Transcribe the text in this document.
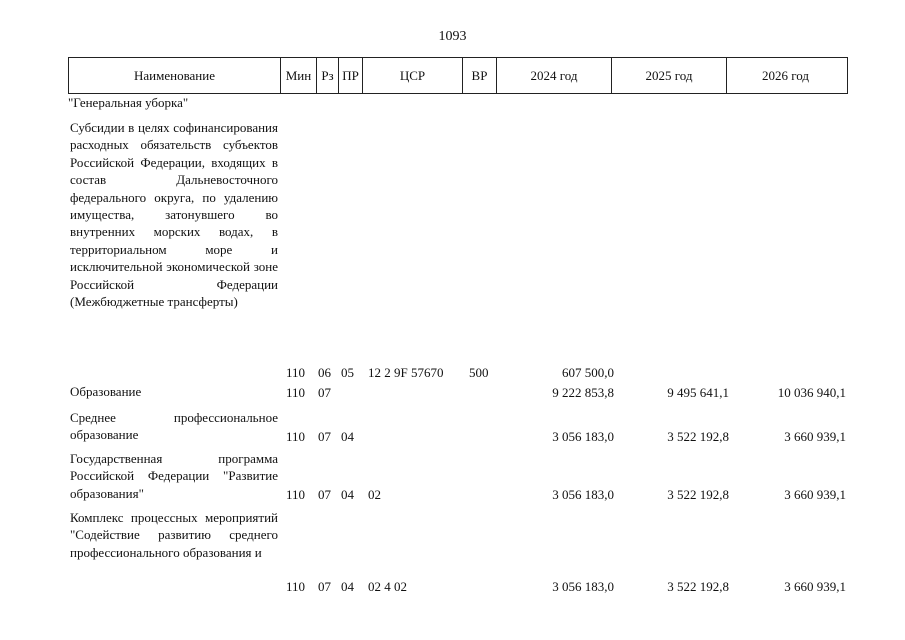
1093
Наименование	Мин Рз ПР	ЦСР	ВР	2024 год	2025 год	2026 год
"Генеральная уборка"
Субсидии в целях софинансирования расходных обязательств субъектов Российской Федерации, входящих в состав Дальневосточного федерального округа, по удалению имущества, затонувшего во внутренних морских водах, в территориальном море и исключительной экономической зоне Российской Федерации (Межбюджетные трансферты)
110 06 05 12 2 9F 57670 500	607 500,0
Образование	110 07	9 222 853,8	9 495 641,1	10 036 940,1
Среднее профессиональное образование	110 07 04	3 056 183,0	3 522 192,8	3 660 939,1
Государственная программа Российской Федерации "Развитие образования"	110 07 04 02	3 056 183,0	3 522 192,8	3 660 939,1
Комплекс процессных мероприятий "Содействие развитию среднего профессионального образования и
110 07 04 02 4 02	3 056 183,0	3 522 192,8	3 660 939,1
